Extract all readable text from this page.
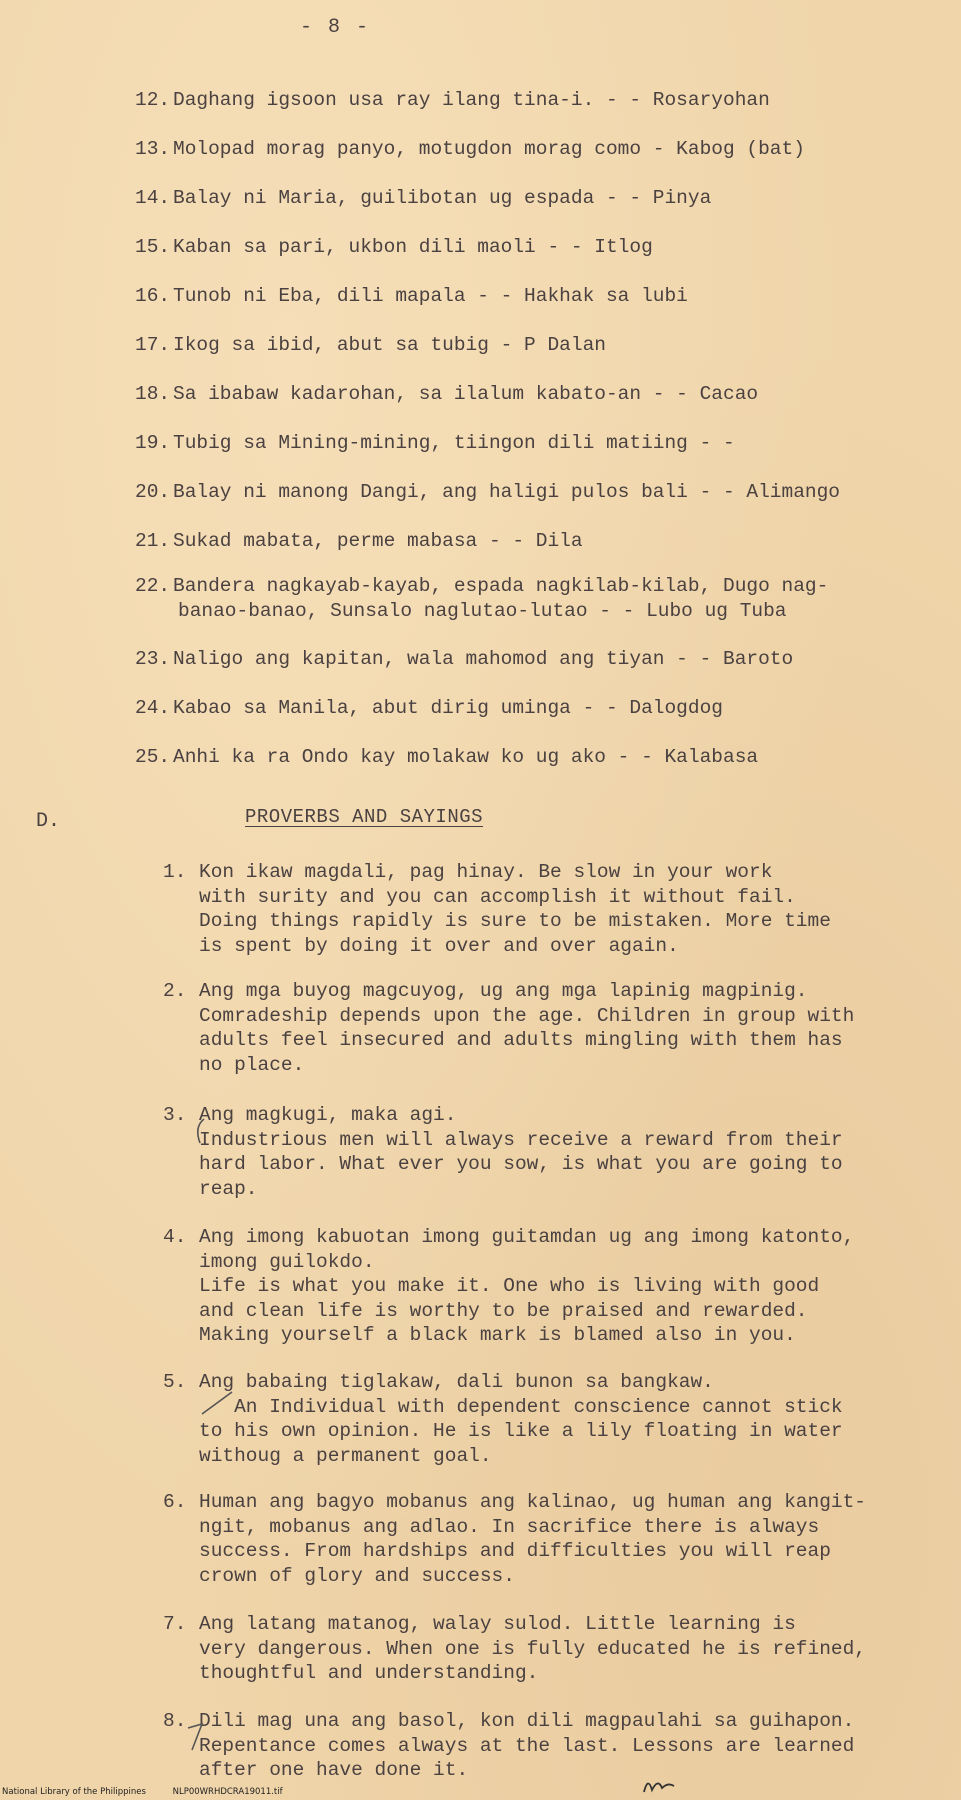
- 8 -
12. Daghang igsoon usa ray ilang tina-i. - - Rosaryohan
13. Molopad morag panyo, motugdon morag como - Kabog (bat)
14. Balay ni Maria, guilibotan ug espada - - Pinya
15. Kaban sa pari, ukbon dili maoli - - Itlog
16. Tunob ni Eba, dili mapala - - Hakhak sa lubi
17. Ikog sa ibid, abut sa tubig - P Dalan
18. Sa ibabaw kadarohan, sa ilalum kabato-an - - Cacao
19. Tubig sa Mining-mining, tiingon dili matiing - -
20. Balay ni manong Dangi, ang haligi pulos bali - - Alimango
21. Sukad mabata, perme mabasa - - Dila
22. Bandera nagkayab-kayab, espada nagkilab-kilab, Dugo nag-
banao-banao, Sunsalo naglutao-lutao - - Lubo ug Tuba
23. Naligo ang kapitan, wala mahomod ang tiyan - - Baroto
24. Kabao sa Manila, abut dirig uminga - - Dalogdog
25. Anhi ka ra Ondo kay molakaw ko ug ako - - Kalabasa
D.	PROVERBS AND SAYINGS
1. Kon ikaw magdali, pag hinay. Be slow in your work
with surity and you can accomplish it without fail.
Doing things rapidly is sure to be mistaken. More time
is spent by doing it over and over again.
2. Ang mga buyog magcuyog, ug ang mga lapinig magpinig.
Comradeship depends upon the age. Children in group with
adults feel insecured and adults mingling with them has
no place.
3. Ang magkugi, maka agi.
Industrious men will always receive a reward from their
hard labor. What ever you sow, is what you are going to
reap.
4. Ang imong kabuotan imong guitamdan ug ang imong katonto,
imong guilokdo.
Life is what you make it. One who is living with good
and clean life is worthy to be praised and rewarded.
Making yourself a black mark is blamed also in you.
5. Ang babaing tiglakaw, dali bunon sa bangkaw.
An Individual with dependent conscience cannot stick
to his own opinion. He is like a lily floating in water
withoug a permanent goal.
6. Human ang bagyo mobanus ang kalinao, ug human ang kangit-
ngit, mobanus ang adlao. In sacrifice there is always
success. From hardships and difficulties you will reap
crown of glory and success.
7. Ang latang matanog, walay sulod. Little learning is
very dangerous. When one is fully educated he is refined,
thoughtful and understanding.
8. Dili mag una ang basol, kon dili magpaulahi sa guihapon.
Repentance comes always at the last. Lessons are learned
after one have done it.
National Library of the Philippines	NLP00WRHDCRA19011.tif
